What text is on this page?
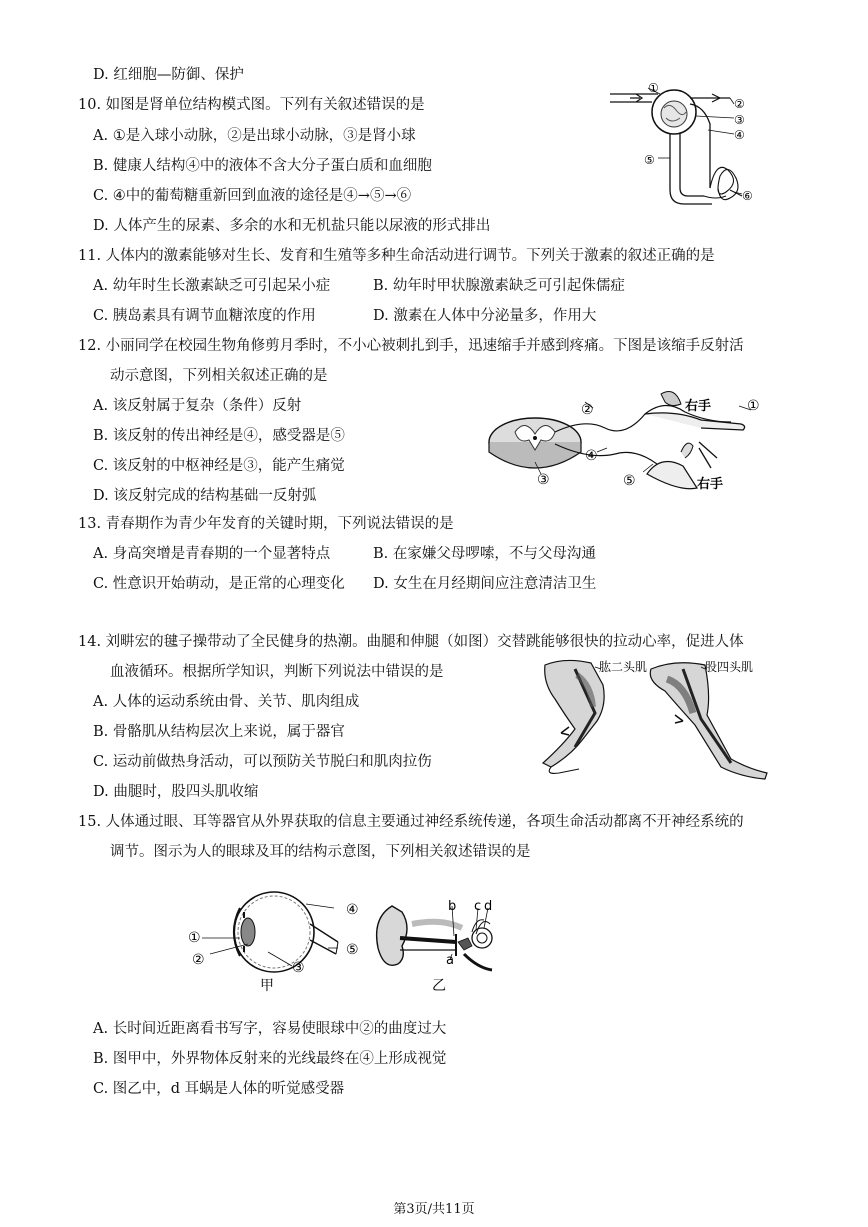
D. 红细胞—防御、保护
10. 如图是肾单位结构模式图。下列有关叙述错误的是
A. ①是入球小动脉，②是出球小动脉，③是肾小球
B. 健康人结构④中的液体不含大分子蛋白质和血细胞
C. ④中的葡萄糖重新回到血液的途径是④→⑤→⑥
D. 人体产生的尿素、多余的水和无机盐只能以尿液的形式排出
①
②
③
④
⑤
⑥
11. 人体内的激素能够对生长、发育和生殖等多种生命活动进行调节。下列关于激素的叙述正确的是
A. 幼年时生长激素缺乏可引起呆小症	B. 幼年时甲状腺激素缺乏可引起侏儒症
C. 胰岛素具有调节血糖浓度的作用	D. 激素在人体中分泌量多，作用大
12. 小丽同学在校园生物角修剪月季时，不小心被刺扎到手，迅速缩手并感到疼痛。下图是该缩手反射活
动示意图，下列相关叙述正确的是
A. 该反射属于复杂（条件）反射
B. 该反射的传出神经是④，感受器是⑤
C. 该反射的中枢神经是③，能产生痛觉
D. 该反射完成的结构基础一反射弧
②	①
④
⑤
③
右手
右手
13. 青春期作为青少年发育的关键时期，下列说法错误的是
A. 身高突增是青春期的一个显著特点	B. 在家嫌父母啰嗦，不与父母沟通
C. 性意识开始萌动，是正常的心理变化 D. 女生在月经期间应注意清洁卫生
14. 刘畊宏的毽子操带动了全民健身的热潮。曲腿和伸腿（如图）交替跳能够很快的拉动心率，促进人体
血液循环。根据所学知识，判断下列说法中错误的是
A. 人体的运动系统由骨、关节、肌肉组成
B. 骨骼肌从结构层次上来说，属于器官
C. 运动前做热身活动，可以预防关节脱臼和肌肉拉伤
D. 曲腿时，股四头肌收缩
肱二头肌	股四头肌
15. 人体通过眼、耳等器官从外界获取的信息主要通过神经系统传递，各项生命活动都离不开神经系统的
调节。图示为人的眼球及耳的结构示意图，下列相关叙述错误的是
①
②	③
④
⑤
甲
b c d
a
乙
A. 长时间近距离看书写字，容易使眼球中②的曲度过大
B. 图甲中，外界物体反射来的光线最终在④上形成视觉
C. 图乙中，d 耳蜗是人体的听觉感受器
第3页/共11页
